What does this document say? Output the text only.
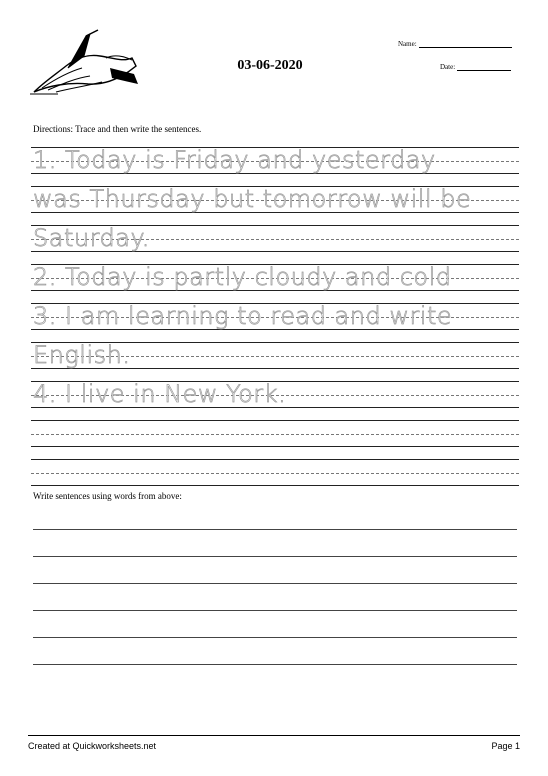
03-06-2020
Name:
Date:
Directions: Trace and then write the sentences.
1. Today is Friday and yesterday
was Thursday but tomorrow will be
Saturday.
2. Today is partly cloudy and cold
3. I am learning to read and write
English.
4. I live in New York.
Write sentences using words from above:
Created at Quickworksheets.net	Page 1
